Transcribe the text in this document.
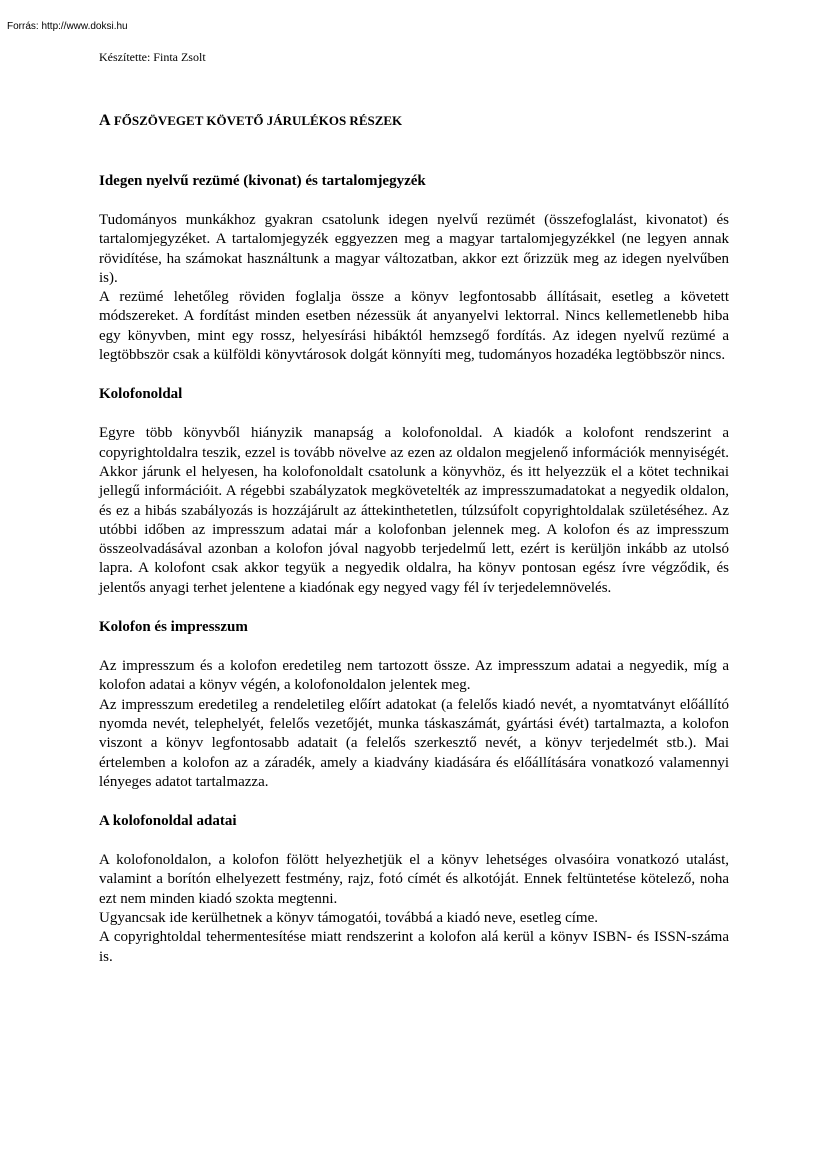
Forrás: http://www.doksi.hu

Készítette: Finta Zsolt

A FŐSZÖVEGET KÖVETŐ JÁRULÉKOS RÉSZEK
Idegen nyelvű rezümé (kivonat) és tartalomjegyzék

Tudományos munkákhoz gyakran csatolunk idegen nyelvű rezümét (összefoglalást, kivonatot) és tartalomjegyzéket. A tartalomjegyzék eggyezzen meg a magyar tartalomjegyzékkel (ne legyen annak rövidítése, ha számokat használtunk a magyar változatban, akkor ezt őrizzük meg az idegen nyelvűben is).

A rezümé lehetőleg röviden foglalja össze a könyv legfontosabb állításait, esetleg a követett módszereket. A fordítást minden esetben nézessük át anyanyelvi lektorral. Nincs kellemetlenebb hiba egy könyvben, mint egy rossz, helyesírási hibáktól hemzsegő fordítás. Az idegen nyelvű rezümé a legtöbbször csak a külföldi könyvtárosok dolgát könnyíti meg, tudományos hozadéka legtöbbször nincs.

Kolofonoldal

Egyre több könyvből hiányzik manapság a kolofonoldal. A kiadók a kolofont rendszerint a copyrightoldalra teszik, ezzel is tovább növelve az ezen az oldalon megjelenő információk mennyiségét. Akkor járunk el helyesen, ha kolofonoldalt csatolunk a könyvhöz, és itt helyezzük el a kötet technikai jellegű információit. A régebbi szabályzatok megkövetelték az impresszumadatokat a negyedik oldalon, és ez a hibás szabályozás is hozzájárult az áttekinthetetlen, túlzsúfolt copyrightoldalak születéséhez. Az utóbbi időben az impresszum adatai már a kolofonban jelennek meg. A kolofon és az impresszum összeolvadásával azonban a kolofon jóval nagyobb terjedelmű lett, ezért is kerüljön inkább az utolsó lapra. A kolofont csak akkor tegyük a negyedik oldalra, ha könyv pontosan egész ívre végződik, és jelentős anyagi terhet jelentene a kiadónak egy negyed vagy fél ív terjedelemnövelés.

Kolofon és impresszum

Az impresszum és a kolofon eredetileg nem tartozott össze. Az impresszum adatai a negyedik, míg a kolofon adatai a könyv végén, a kolofonoldalon jelentek meg.

Az impresszum eredetileg a rendeletileg előírt adatokat (a felelős kiadó nevét, a nyomtatványt előállító nyomda nevét, telephelyét, felelős vezetőjét, munka táskaszámát, gyártási évét) tartalmazta, a kolofon viszont a könyv legfontosabb adatait (a felelős szerkesztő nevét, a könyv terjedelmét stb.). Mai értelemben a kolofon az a záradék, amely a kiadvány kiadására és előállítására vonatkozó valamennyi lényeges adatot tartalmazza.

A kolofonoldal adatai

A kolofonoldalon, a kolofon fölött helyezhetjük el a könyv lehetséges olvasóira vonatkozó utalást, valamint a borítón elhelyezett festmény, rajz, fotó címét és alkotóját. Ennek feltüntetése kötelező, noha ezt nem minden kiadó szokta megtenni.

Ugyancsak ide kerülhetnek a könyv támogatói, továbbá a kiadó neve, esetleg címe.

A copyrightoldal tehermentesítése miatt rendszerint a kolofon alá kerül a könyv ISBN- és ISSN-száma is.
